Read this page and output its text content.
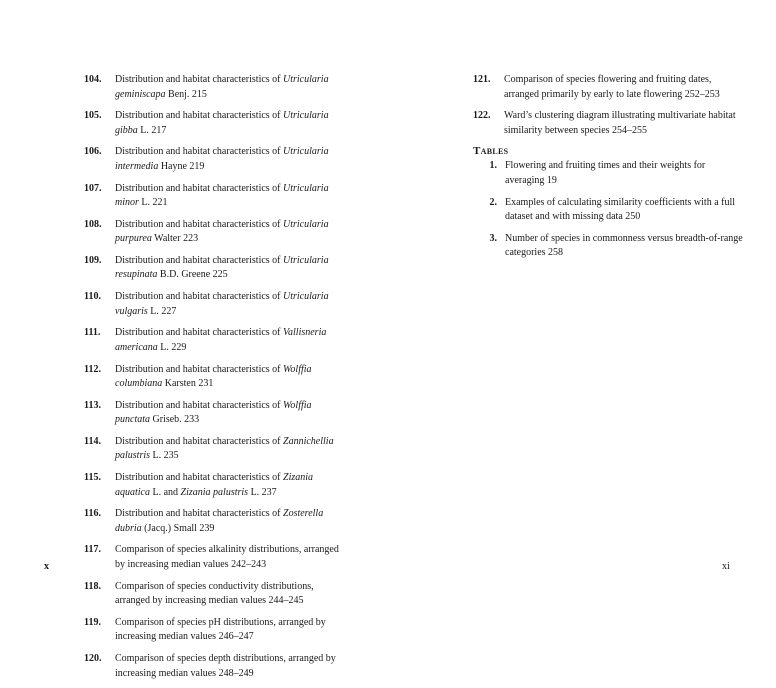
104.	Distribution and habitat characteristics of Utricularia
geminiscapa Benj. 215
105.	Distribution and habitat characteristics of Utricularia
gibba L. 217
106.	Distribution and habitat characteristics of Utricularia
intermedia Hayne 219
107.	Distribution and habitat characteristics of Utricularia
minor L. 221
108.	Distribution and habitat characteristics of Utricularia
purpurea Walter 223
109.	Distribution and habitat characteristics of Utricularia
resupinata B.D. Greene 225
110.	Distribution and habitat characteristics of Utricularia
vulgaris L. 227
111.	Distribution and habitat characteristics of Vallisneria
americana L. 229
112.	Distribution and habitat characteristics of Wolffia
columbiana Karsten 231
113.	Distribution and habitat characteristics of Wolffia
punctata Griseb. 233
114.	Distribution and habitat characteristics of Zannichellia
palustris L. 235
115.	Distribution and habitat characteristics of Zizania
aquatica L. and Zizania palustris L. 237
116.	Distribution and habitat characteristics of Zosterella
dubria (Jacq.) Small 239
117.	Comparison of species alkalinity distributions, arranged by increasing median values 242–243
118.	Comparison of species conductivity distributions, arranged by increasing median values 244–245
119.	Comparison of species pH distributions, arranged by increasing median values 246–247
120.	Comparison of species depth distributions, arranged by increasing median values 248–249
121.	Comparison of species flowering and fruiting dates, arranged primarily by early to late flowering 252–253
122.	Ward’s clustering diagram illustrating multivariate habitat similarity between species 254–255
Tables
1. Flowering and fruiting times and their weights for averaging 19
2. Examples of calculating similarity coefficients with a full dataset and with missing data 250
3. Number of species in commonness versus breadth-of-range categories 258
x	xi
